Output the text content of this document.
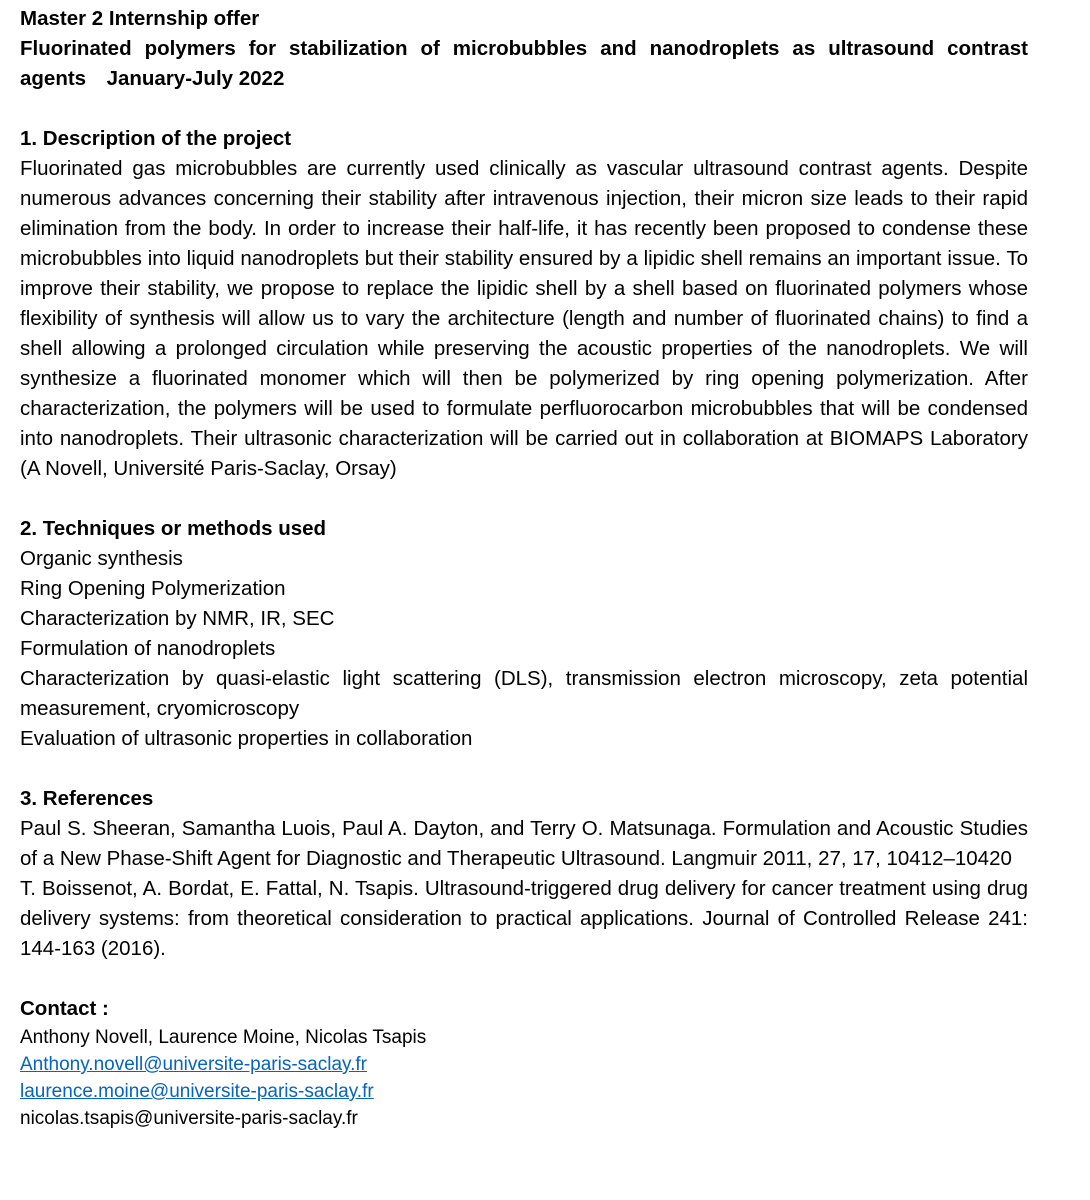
Master 2 Internship offer
Fluorinated polymers for stabilization of microbubbles and nanodroplets as ultrasound contrast agents January-July 2022
1. Description of the project
Fluorinated gas microbubbles are currently used clinically as vascular ultrasound contrast agents. Despite numerous advances concerning their stability after intravenous injection, their micron size leads to their rapid elimination from the body. In order to increase their half-life, it has recently been proposed to condense these microbubbles into liquid nanodroplets but their stability ensured by a lipidic shell remains an important issue. To improve their stability, we propose to replace the lipidic shell by a shell based on fluorinated polymers whose flexibility of synthesis will allow us to vary the architecture (length and number of fluorinated chains) to find a shell allowing a prolonged circulation while preserving the acoustic properties of the nanodroplets. We will synthesize a fluorinated monomer which will then be polymerized by ring opening polymerization. After characterization, the polymers will be used to formulate perfluorocarbon microbubbles that will be condensed into nanodroplets. Their ultrasonic characterization will be carried out in collaboration at BIOMAPS Laboratory (A Novell, Université Paris-Saclay, Orsay)
2. Techniques or methods used
Organic synthesis
Ring Opening Polymerization
Characterization by NMR, IR, SEC
Formulation of nanodroplets
Characterization by quasi-elastic light scattering (DLS), transmission electron microscopy, zeta potential measurement, cryomicroscopy
Evaluation of ultrasonic properties in collaboration
3. References
Paul S. Sheeran, Samantha Luois, Paul A. Dayton, and Terry O. Matsunaga. Formulation and Acoustic Studies of a New Phase-Shift Agent for Diagnostic and Therapeutic Ultrasound. Langmuir 2011, 27, 17, 10412–10420
T. Boissenot, A. Bordat, E. Fattal, N. Tsapis. Ultrasound-triggered drug delivery for cancer treatment using drug delivery systems: from theoretical consideration to practical applications. Journal of Controlled Release 241: 144-163 (2016).
Contact :
Anthony Novell, Laurence Moine, Nicolas Tsapis
Anthony.novell@universite-paris-saclay.fr
laurence.moine@universite-paris-saclay.fr
nicolas.tsapis@universite-paris-saclay.fr
